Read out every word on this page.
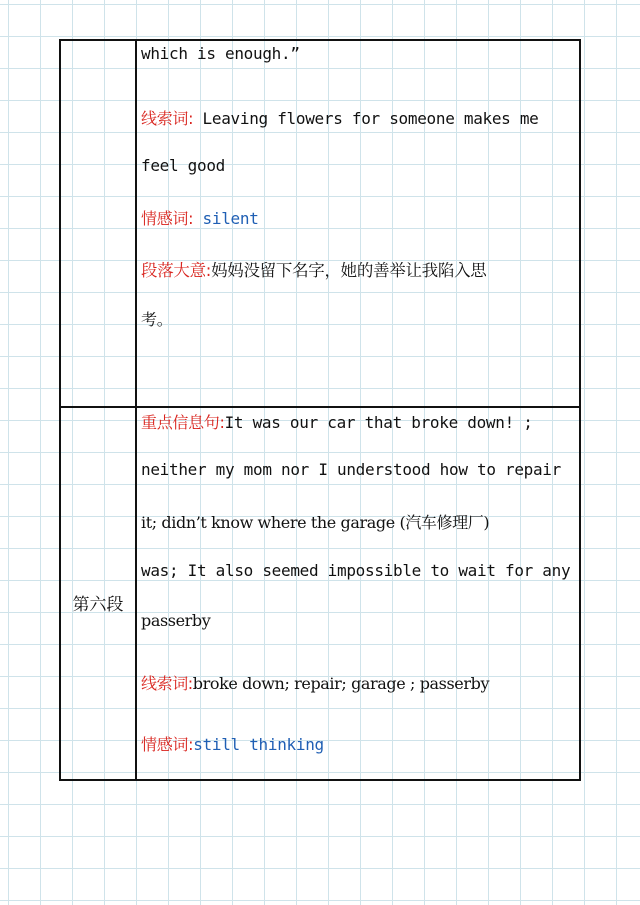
第六段
which is enough.”
线索词: Leaving flowers for someone makes me
feel good
情感词: silent
段落大意:妈妈没留下名字，她的善举让我陷入思
考。
重点信息句:It was our car that broke down! ;
neither my mom nor I understood how to repair
it; didn’t know where the garage (汽车修理厂)
was; It also seemed impossible to wait for any
passerby
线索词:broke down; repair; garage ; passerby
情感词:still thinking
